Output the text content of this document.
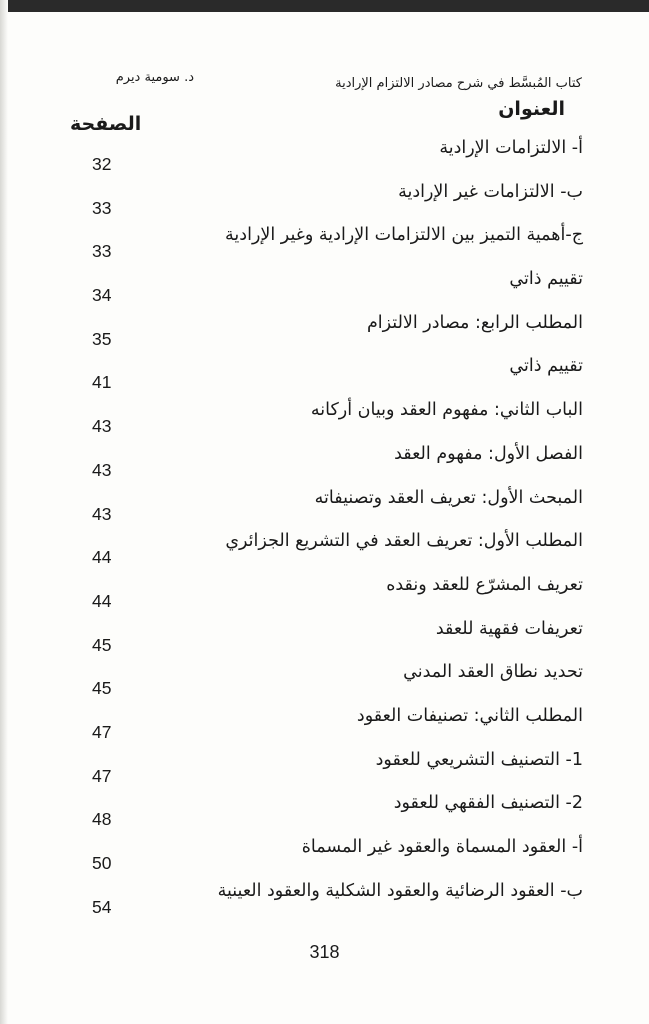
د. سومية ديرم	كتاب المُبسَّط في شرح مصادر الالتزام الإرادية
العنوان
الصفحة
أ- الالتزامات الإرادية
32
ب- الالتزامات غير الإرادية
33
ج-أهمية التميز بين الالتزامات الإرادية وغير الإرادية
33
تقييم ذاتي
34
المطلب الرابع: مصادر الالتزام
35
تقييم ذاتي
41
الباب الثاني: مفهوم العقد وبيان أركانه
43
الفصل الأول: مفهوم العقد
43
المبحث الأول: تعريف العقد وتصنيفاته
43
المطلب الأول: تعريف العقد في التشريع الجزائري
44
تعريف المشرّع للعقد ونقده
44
تعريفات فقهية للعقد
45
تحديد نطاق العقد المدني
45
المطلب الثاني: تصنيفات العقود
47
1- التصنيف التشريعي للعقود
47
2- التصنيف الفقهي للعقود
48
أ- العقود المسماة والعقود غير المسماة
50
ب- العقود الرضائية والعقود الشكلية والعقود العينية
54
318
